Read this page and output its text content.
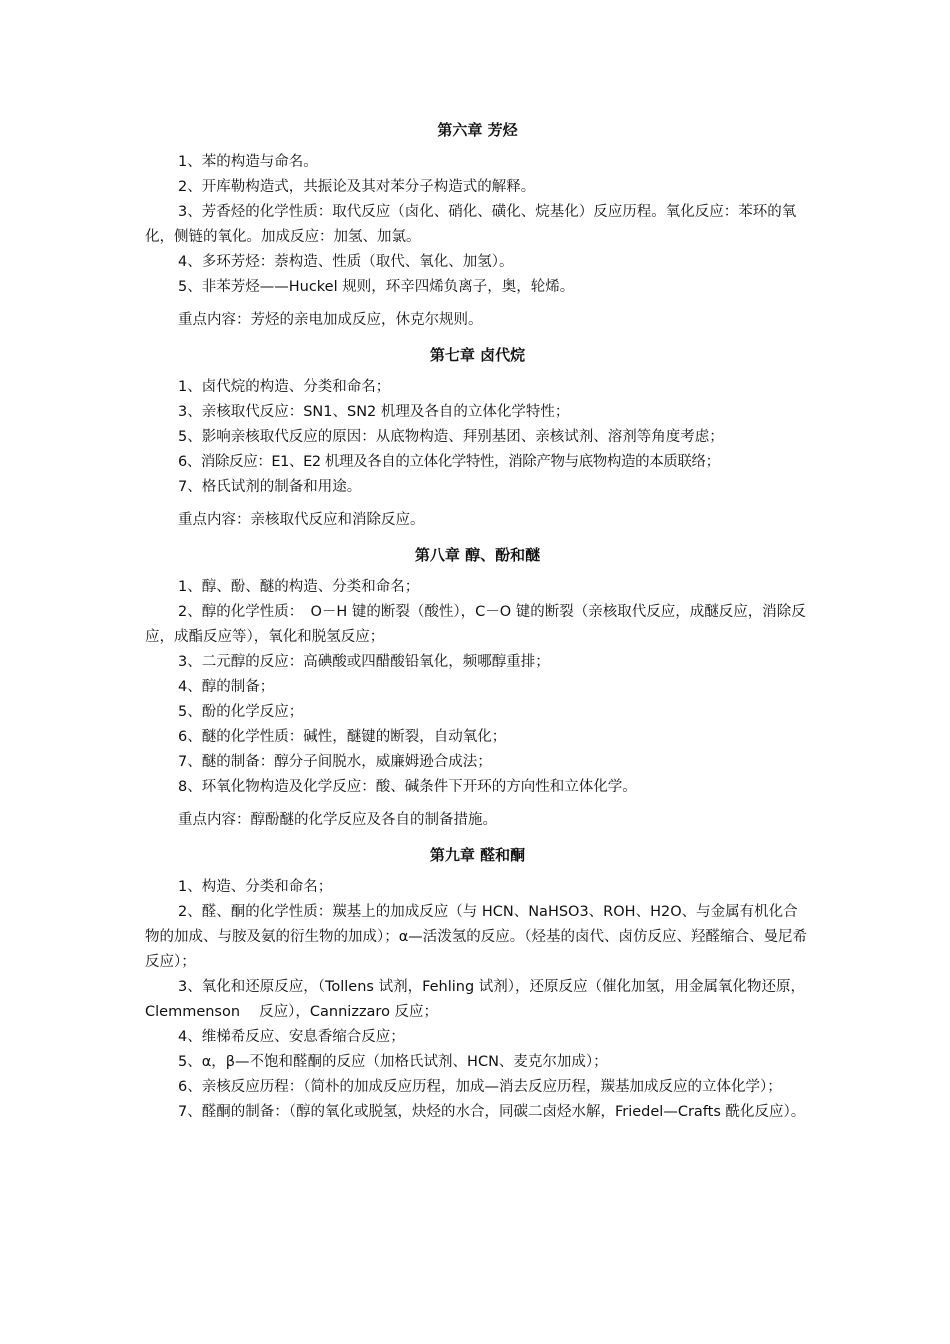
第六章 芳烃

1、苯的构造与命名。

2、开库勒构造式，共振论及其对苯分子构造式的解释。

3、芳香烃的化学性质：取代反应（卤化、硝化、磺化、烷基化）反应历程。氧化反应：苯环的氧化，侧链的氧化。加成反应：加氢、加氯。

4、多环芳烃：萘构造、性质（取代、氧化、加氢）。

5、非苯芳烃——Huckel 规则，环辛四烯负离子，奥，轮烯。

重点内容：芳烃的亲电加成反应，休克尔规则。

第七章 卤代烷

1、卤代烷的构造、分类和命名；

3、亲核取代反应：SN1、SN2 机理及各自的立体化学特性；

5、影响亲核取代反应的原因：从底物构造、拜别基团、亲核试剂、溶剂等角度考虑；

6、消除反应：E1、E2 机理及各自的立体化学特性，消除产物与底物构造的本质联络；

7、格氏试剂的制备和用途。

重点内容：亲核取代反应和消除反应。

第八章 醇、酚和醚

1、醇、酚、醚的构造、分类和命名；

2、醇的化学性质：　O－H 键的断裂（酸性），C－O 键的断裂（亲核取代反应，成醚反应，消除反应，成酯反应等），氧化和脱氢反应；

3、二元醇的反应：高碘酸或四醋酸铅氧化，频哪醇重排；

4、醇的制备；

5、酚的化学反应；

6、醚的化学性质：碱性，醚键的断裂，自动氧化；

7、醚的制备：醇分子间脱水，威廉姆逊合成法；

8、环氧化物构造及化学反应：酸、碱条件下开环的方向性和立体化学。

重点内容：醇酚醚的化学反应及各自的制备措施。

第九章 醛和酮

1、构造、分类和命名；

2、醛、酮的化学性质：羰基上的加成反应（与 HCN、NaHSO3、ROH、H2O、与金属有机化合物的加成、与胺及氨的衍生物的加成）；α—活泼氢的反应。（烃基的卤代、卤仿反应、羟醛缩合、曼尼希反应）；

3、氧化和还原反应，（Tollens 试剂，Fehling 试剂），还原反应（催化加氢，用金属氧化物还原，Clemmenson　 反应），Cannizzaro 反应；

4、维梯希反应、安息香缩合反应；

5、α，β—不饱和醛酮的反应（加格氏试剂、HCN、麦克尔加成）；

6、亲核反应历程：（简朴的加成反应历程，加成—消去反应历程，羰基加成反应的立体化学）；

7、醛酮的制备：（醇的氧化或脱氢，炔烃的水合，同碳二卤烃水解，Friedel—Crafts 酰化反应）。
